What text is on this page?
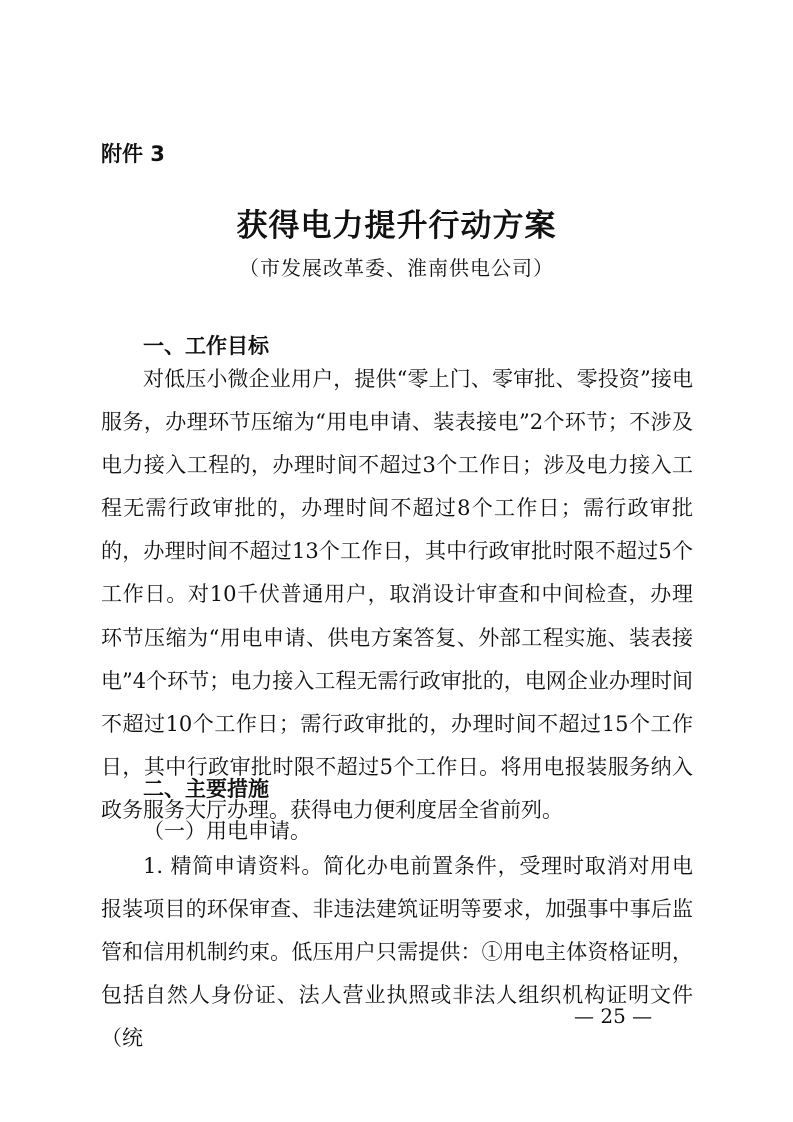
附件 3
获得电力提升行动方案
（市发展改革委、淮南供电公司）
一、工作目标
对低压小微企业用户，提供“零上门、零审批、零投资”接电服务，办理环节压缩为“用电申请、装表接电”2个环节；不涉及电力接入工程的，办理时间不超过3个工作日；涉及电力接入工程无需行政审批的，办理时间不超过8个工作日；需行政审批的，办理时间不超过13个工作日，其中行政审批时限不超过5个工作日。对10千伏普通用户，取消设计审查和中间检查，办理环节压缩为“用电申请、供电方案答复、外部工程实施、装表接电”4个环节；电力接入工程无需行政审批的，电网企业办理时间不超过10个工作日；需行政审批的，办理时间不超过15个工作日，其中行政审批时限不超过5个工作日。将用电报装服务纳入政务服务大厅办理。获得电力便利度居全省前列。
二、主要措施
（一）用电申请。
1. 精简申请资料。简化办电前置条件，受理时取消对用电报装项目的环保审查、非违法建筑证明等要求，加强事中事后监管和信用机制约束。低压用户只需提供：①用电主体资格证明，包括自然人身份证、法人营业执照或非法人组织机构证明文件（统
— 25 —
